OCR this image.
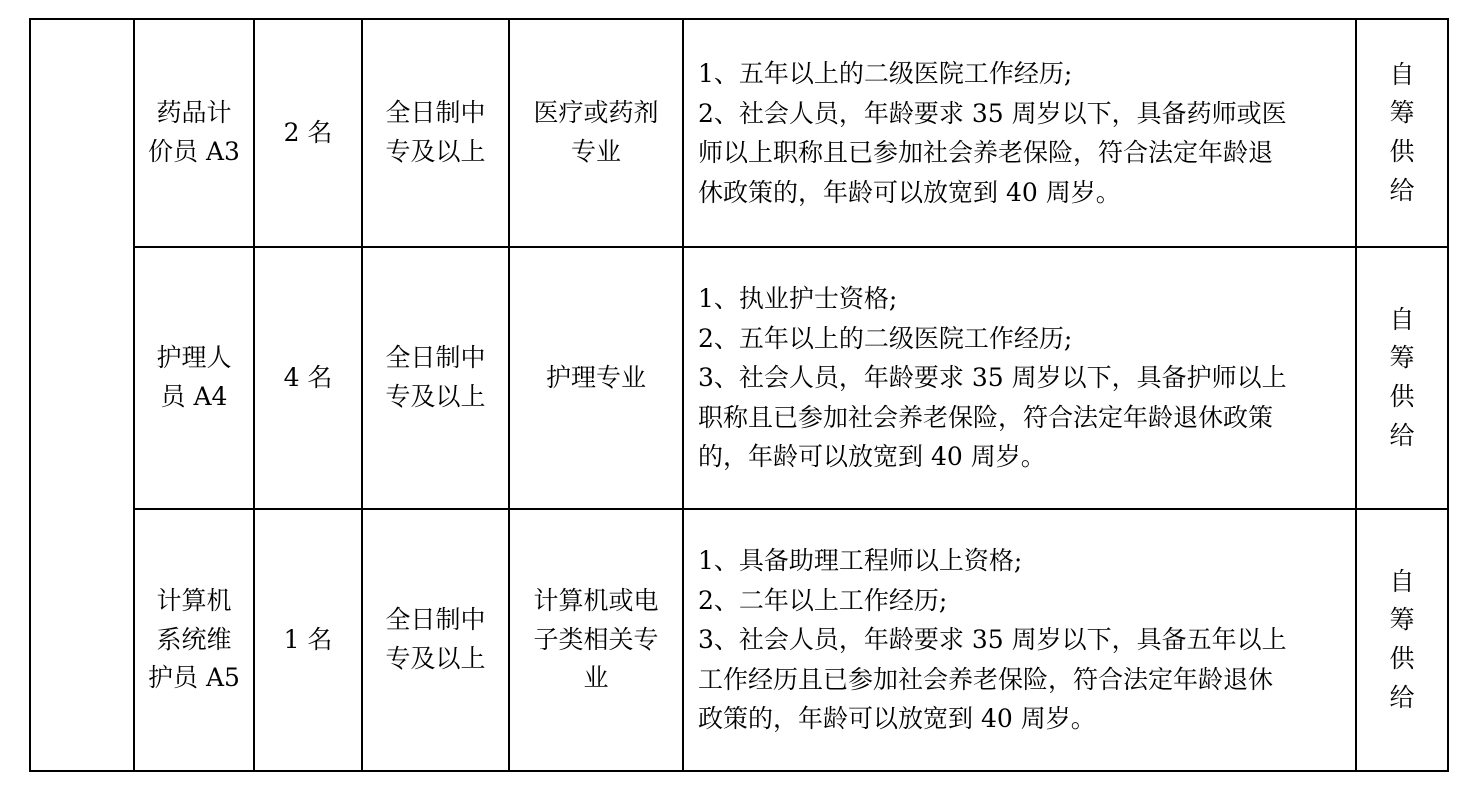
	药品计
价员 A3	2 名	全日制中
专及以上	医疗或药剂
专业	1、五年以上的二级医院工作经历;
2、社会人员，年龄要求 35 周岁以下，具备药师或医
师以上职称且已参加社会养老保险，符合法定年龄退
休政策的，年龄可以放宽到 40 周岁。	自
筹
供
给

	护理人
员 A4	4 名	全日制中
专及以上	护理专业	1、执业护士资格;
2、五年以上的二级医院工作经历;
3、社会人员，年龄要求 35 周岁以下，具备护师以上
职称且已参加社会养老保险，符合法定年龄退休政策
的，年龄可以放宽到 40 周岁。	自
筹
供
给

	计算机
系统维
护员 A5	1 名	全日制中
专及以上	计算机或电
子类相关专
业	1、具备助理工程师以上资格;
2、二年以上工作经历;
3、社会人员，年龄要求 35 周岁以下，具备五年以上
工作经历且已参加社会养老保险，符合法定年龄退休
政策的，年龄可以放宽到 40 周岁。	自
筹
供
给
